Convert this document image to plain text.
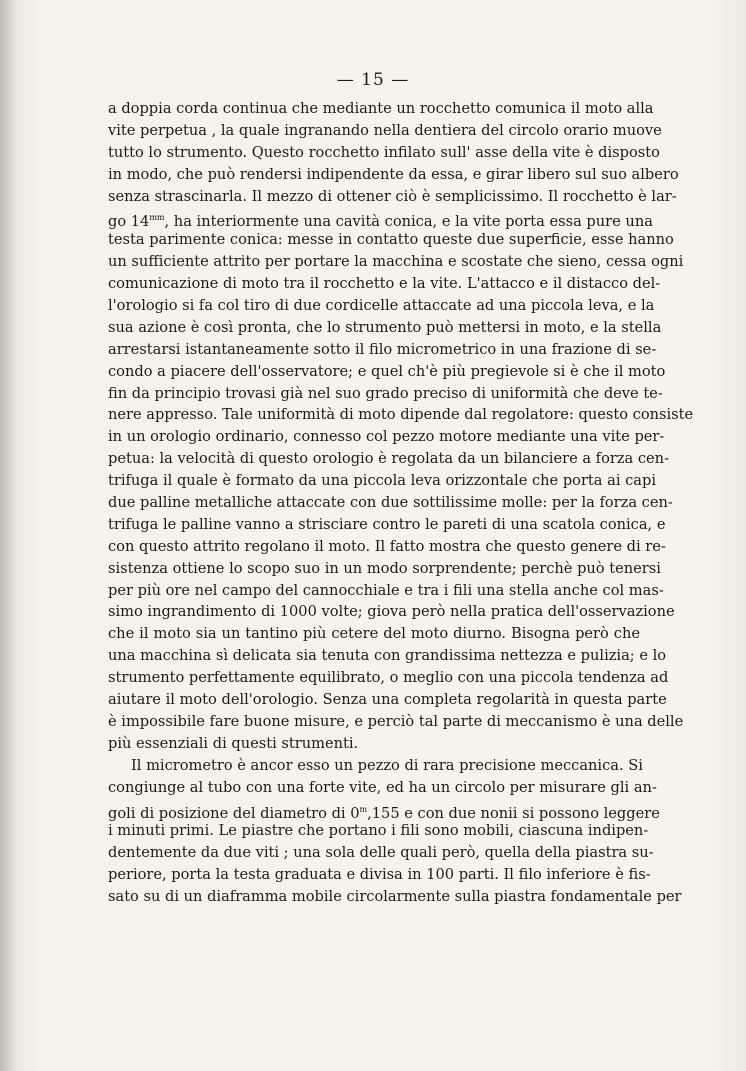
— 15 —
a doppia corda continua che mediante un rocchetto comunica il moto alla
vite perpetua , la quale ingranando nella dentiera del circolo orario muove
tutto lo strumento. Questo rocchetto infilato sull' asse della vite è disposto
in modo, che può rendersi indipendente da essa, e girar libero sul suo albero
senza strascinarla. Il mezzo di ottener ciò è semplicissimo. Il rocchetto è lar-
go $14^{mm}$, ha interiormente una cavità conica, e la vite porta essa pure una
testa parimente conica: messe in contatto queste due superficie, esse hanno
un sufficiente attrito per portare la macchina e scostate che sieno, cessa ogni
comunicazione di moto tra il rocchetto e la vite. L'attacco e il distacco del-
l'orologio si fa col tiro di due cordicelle attaccate ad una piccola leva, e la
sua azione è così pronta, che lo strumento può mettersi in moto, e la stella
arrestarsi istantaneamente sotto il filo micrometrico in una frazione di se-
condo a piacere dell'osservatore; e quel ch'è più pregievole si è che il moto
fin da principio trovasi già nel suo grado preciso di uniformità che deve te-
nere appresso. Tale uniformità di moto dipende dal regolatore: questo consiste
in un orologio ordinario, connesso col pezzo motore mediante una vite per-
petua: la velocità di questo orologio è regolata da un bilanciere a forza cen-
trifuga il quale è formato da una piccola leva orizzontale che porta ai capi
due palline metalliche attaccate con due sottilissime molle: per la forza cen-
trifuga le palline vanno a strisciare contro le pareti di una scatola conica, e
con questo attrito regolano il moto. Il fatto mostra che questo genere di re-
sistenza ottiene lo scopo suo in un modo sorprendente; perchè può tenersi
per più ore nel campo del cannocchiale e tra i fili una stella anche col mas-
simo ingrandimento di 1000 volte; giova però nella pratica dell'osservazione
che il moto sia un tantino più cetere del moto diurno. Bisogna però che
una macchina sì delicata sia tenuta con grandissima nettezza e pulizia; e lo
strumento perfettamente equilibrato, o meglio con una piccola tendenza ad
aiutare il moto dell'orologio. Senza una completa regolarità in questa parte
è impossibile fare buone misure, e perciò tal parte di meccanismo è una delle
più essenziali di questi strumenti.
Il micrometro è ancor esso un pezzo di rara precisione meccanica. Si
congiunge al tubo con una forte vite, ed ha un circolo per misurare gli an-
goli di posizione del diametro di 0$^m$,155 e con due nonii si possono leggere
i minuti primi. Le piastre che portano i fili sono mobili, ciascuna indipen-
dentemente da due viti ; una sola delle quali però, quella della piastra su-
periore, porta la testa graduata e divisa in 100 parti. Il filo inferiore è fis-
sato su di un diaframma mobile circolarmente sulla piastra fondamentale per
